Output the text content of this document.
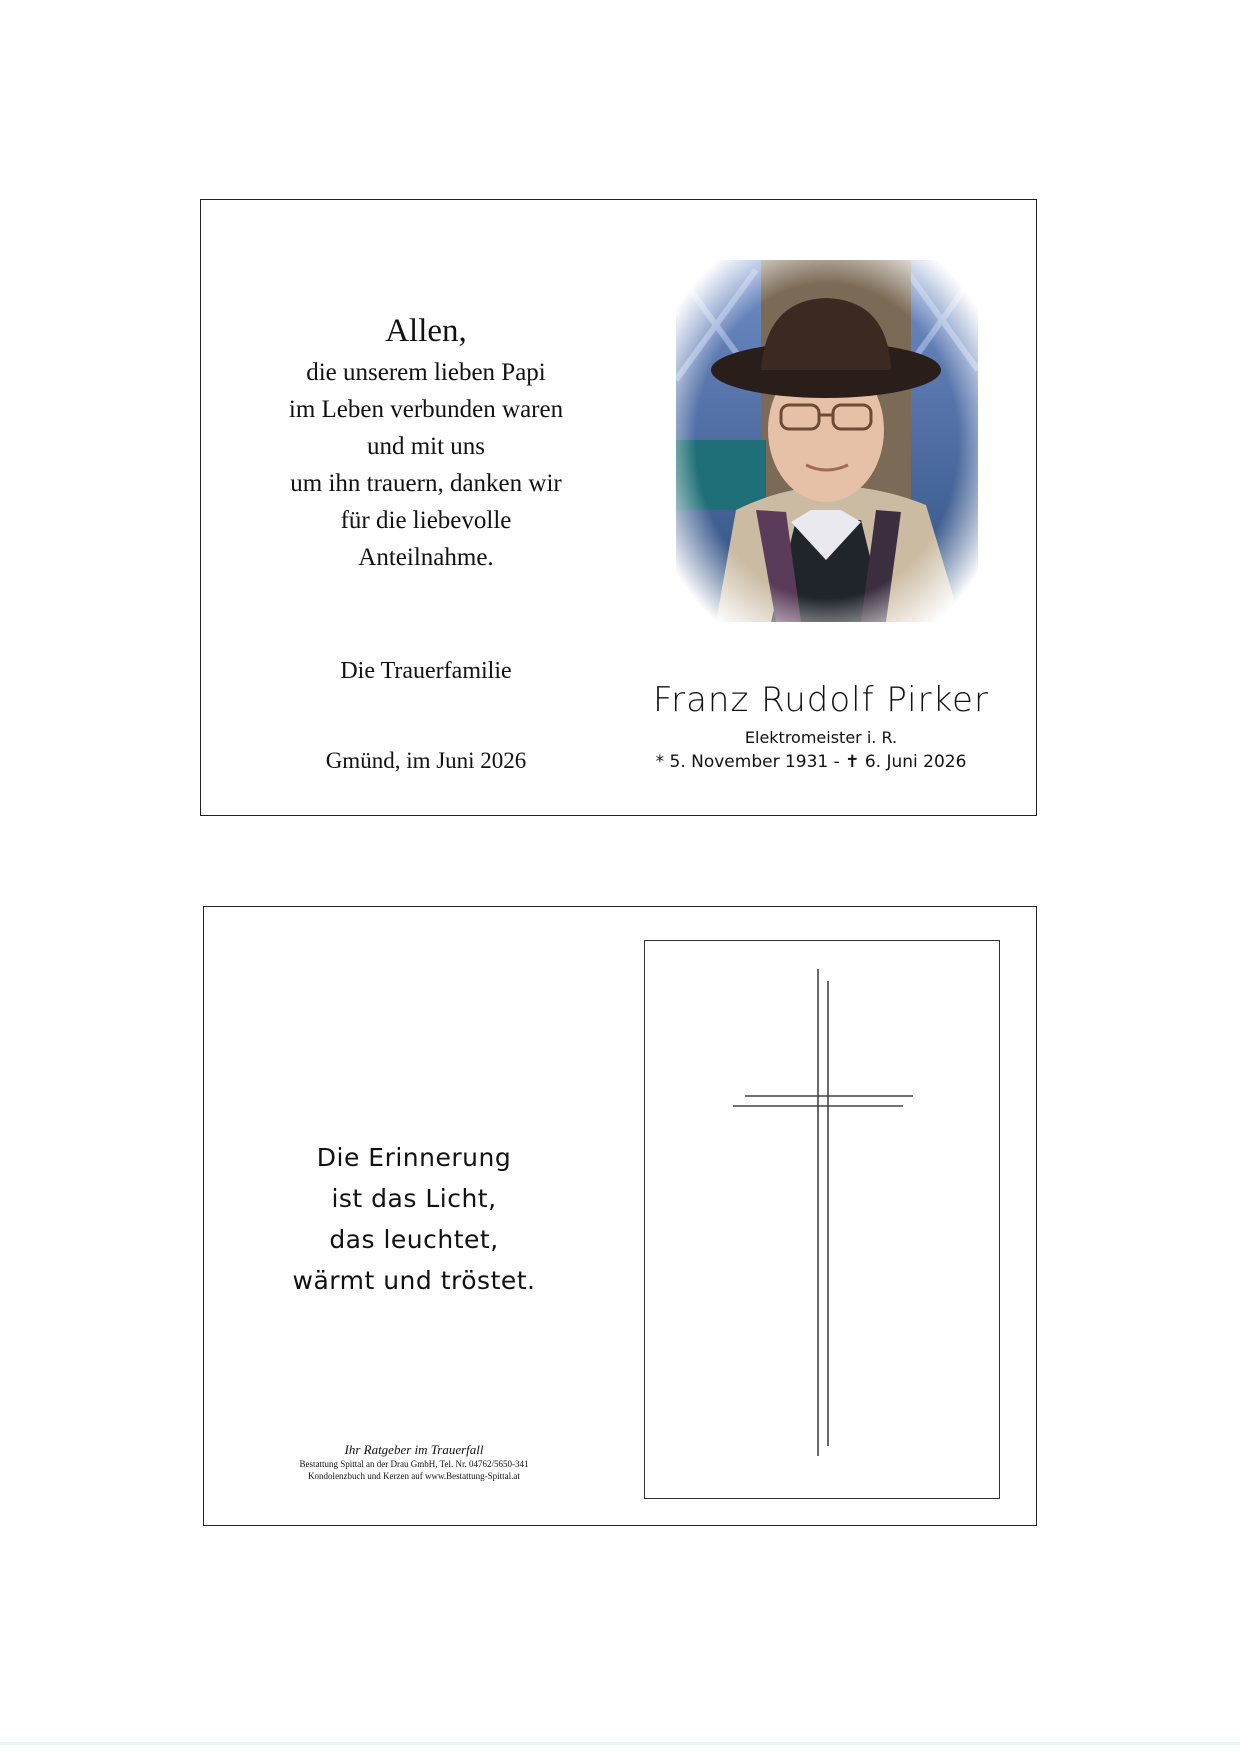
Allen,
die unserem lieben Papi
im Leben verbunden waren
und mit uns
um ihn trauern, danken wir
für die liebevolle
Anteilnahme.
Die Trauerfamilie
Gmünd, im Juni 2026
Franz Rudolf Pirker
Elektromeister i. R.
* 5. November 1931 - ✝ 6. Juni 2026
Die Erinnerung
ist das Licht,
das leuchtet,
wärmt und tröstet.
Ihr Ratgeber im Trauerfall
Bestattung Spittal an der Drau GmbH, Tel. Nr. 04762/5650-341
Kondolenzbuch und Kerzen auf www.Bestattung-Spittal.at
